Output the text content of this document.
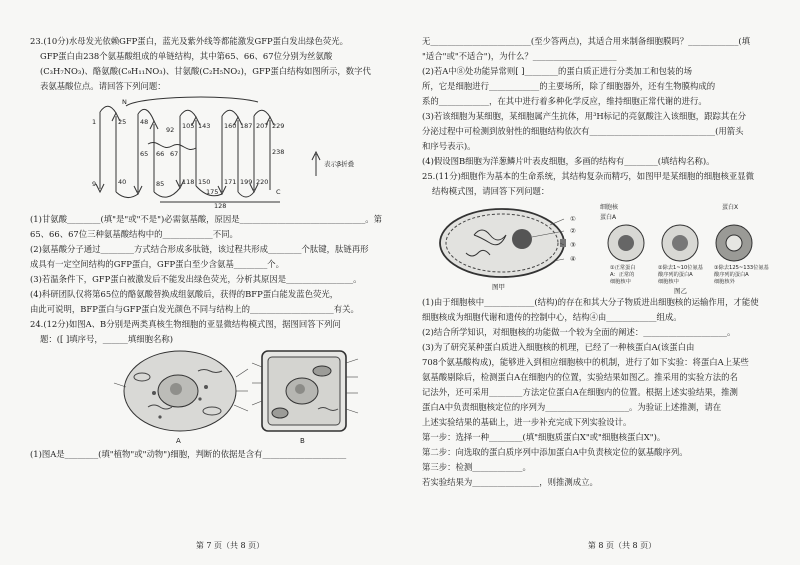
23.(10分)水母发光依赖GFP蛋白，蓝光及紫外线等都能激发GFP蛋白发出绿色荧光。
GFP蛋白由238个氨基酸组成的单链结构，其中第65、66、67位分别为丝氨酸
(C₃H₇NO₃)、酪氨酸(C₉H₁₁NO₃)、甘氨酸(C₂H₅NO₂)，GFP蛋白结构如图所示，数字代
表氨基酸位点。请回答下列问题：
N
C
表示β折叠
1
9
25
40
48
65 66 67
85
92 105
118
128
143
150
160
171
175
187
199
207
220
229
238
(1)甘氨酸________(填"是"或"不是")必需氨基酸，原因是______________________________。第
65、66、67位三种氨基酸结构中的____________不同。
(2)氨基酸分子通过________方式结合形成多肽链，该过程共形成________个肽键，肽链再形
成具有一定空间结构的GFP蛋白，GFP蛋白至少含氨基________个。
(3)若温条件下，GFP蛋白被激发后不能发出绿色荧光，分析其原因是________________。
(4)科研团队仅将第65位的酪氨酸替换成组氨酸后，获得的BFP蛋白能发蓝色荧光，
由此可说明，BFP蛋白与GFP蛋白发光颜色不同与结构上的____________________有关。
24.(12分)如图A、B分别是两类真核生物细胞的亚显微结构模式图，据图回答下列问
题：([ ]填序号，______填细胞名称)
A	B
(1)图A是________(填"植物"或"动物")细胞，判断的依据是含有____________________
第 7 页（共 8 页）
无________________________(至少答两点)，其适合用来制备细胞膜吗？____________(填
"适合"或"不适合")，为什么？____________________
(2)若A中⑧处功能异常则[ ]________的蛋白质正进行分类加工和包装的场
所，它是细胞进行____________的主要场所，除了细胞器外，还有生物膜构成的
系的____________，在其中进行着多种化学反应，维持细胞正常代谢的进行。
(3)若该细胞为某细胞，某细胞属产生抗体，用³H标记的亮氨酸注入该细胞，跟踪其在分
分泌过程中可检测到放射性的细胞结构依次有______________________________(用箭头
和序号表示)。
(4)假设图B细胞为洋葱鳞片叶表皮细胞，多画的结构有________(填结构名称)。
25.(11分)细胞作为基本的生命系统，其结构复杂而精巧，如图甲是某细胞的细胞核亚显微
结构模式图，请回答下列问题：
①
②
③
④
图甲
细胞核
蛋白A
蛋白X
①正常蛋白
A：正常的
细胞核中
②除去1~10位氨基
酸序列的蛋白A
细胞核中
③除去125~133位氨基
酸序列的蛋白A
细胞核外
图乙
(1)由于细胞核中____________(结构)的存在和其大分子物质进出细胞核的运输作用，才能使
细胞核成为细胞代谢和遗传的控制中心，结构④由____________组成。
(2)结合所学知识，对细胞核的功能做一个较为全面的阐述：____________________。
(3)为了研究某种蛋白质进入细胞核的机理，已经了一种核蛋白A(该蛋白由
708个氨基酸构成)，能够进入到相应细胞核中的机制，进行了如下实验：将蛋白A上某些
氨基酸剔除后，检测蛋白A在细胞内的位置，实验结果如图乙。推采用的实验方法的名
记法外，还可采用________方法定位蛋白A在细胞内的位置。根据上述实验结果，推测
蛋白A中负责细胞核定位的序列为____________________。为验证上述推测，请在
上述实验结果的基础上，进一步补充完成下列实验设计。
第一步：选择一种________(填"细胞质蛋白X"或"细胞核蛋白X")。
第二步：向选取的蛋白质序列中添加蛋白A中负责核定位的氨基酸序列。
第三步：检测____________。
若实验结果为________________，则推测成立。
第 8 页（共 8 页）
